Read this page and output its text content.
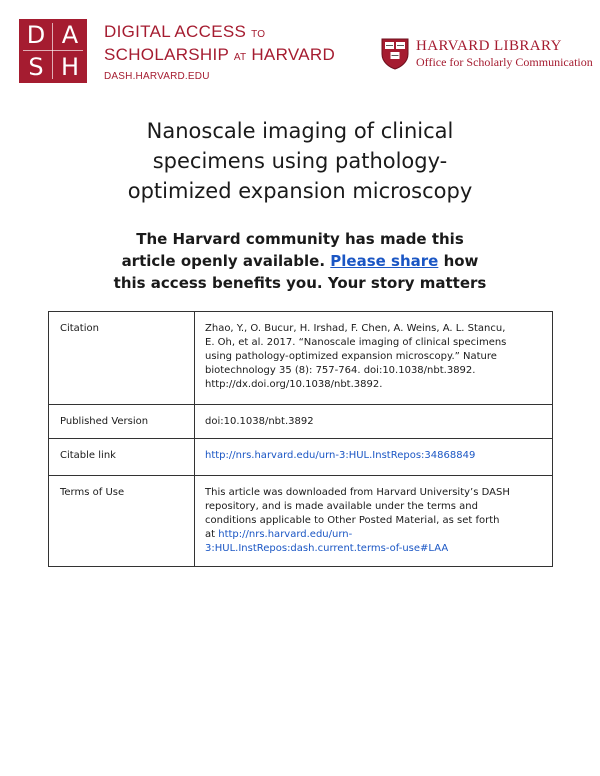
D A
S H
DIGITAL ACCESS TO
SCHOLARSHIP AT HARVARD
DASH.HARVARD.EDU
HARVARD LIBRARY
Office for Scholarly Communication
Nanoscale imaging of clinical
specimens using pathology-
optimized expansion microscopy
The Harvard community has made this
article openly available. Please share how
this access benefits you. Your story matters
Citation	Zhao, Y., O. Bucur, H. Irshad, F. Chen, A. Weins, A. L. Stancu, E. Oh, et al. 2017. “Nanoscale imaging of clinical specimens using pathology-optimized expansion microscopy.” Nature biotechnology 35 (8): 757-764. doi:10.1038/nbt.3892. http://dx.doi.org/10.1038/nbt.3892.
Published Version	doi:10.1038/nbt.3892
Citable link	http://nrs.harvard.edu/urn-3:HUL.InstRepos:34868849
Terms of Use	This article was downloaded from Harvard University’s DASH repository, and is made available under the terms and conditions applicable to Other Posted Material, as set forth at http://nrs.harvard.edu/urn-3:HUL.InstRepos:dash.current.terms-of-use#LAA
